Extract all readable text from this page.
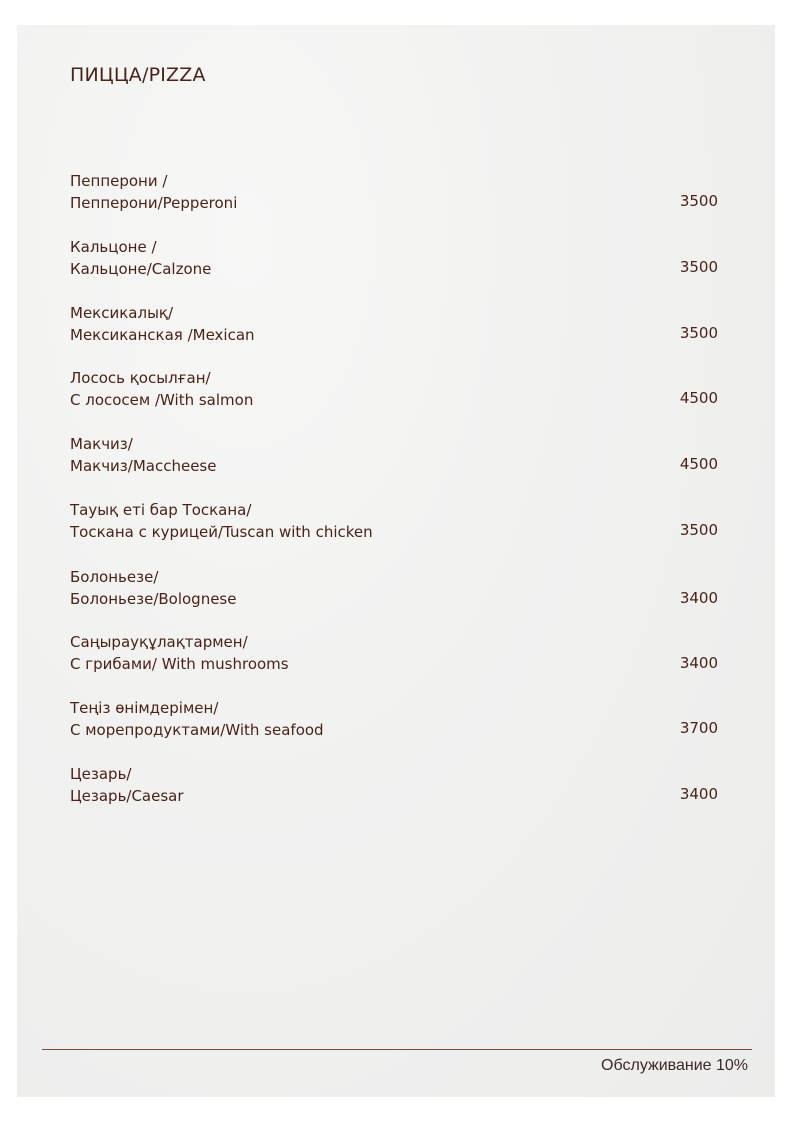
ПИЦЦА/PIZZA
Пеппeрони /
Пепперони/Pepperoni	3500
Кальцоне /
Кальцоне/Calzone	3500
Мексикалық/
Мексиканская /Mexican	3500
Лосось қосылған/
С лососем /With salmon	4500
Макчиз/
Макчиз/Maccheese	4500
Тауық еті бар Тоскана/
Тоскана с курицей/Tuscan with chicken	3500
Болоньезе/
Болоньезе/Bolognese	3400
Саңырауқұлақтармен/
С грибами/ With mushrooms	3400
Теңіз өнімдерімен/
С морепродуктами/With seafood	3700
Цезарь/
Цезарь/Caesar	3400
Обслуживание 10%
